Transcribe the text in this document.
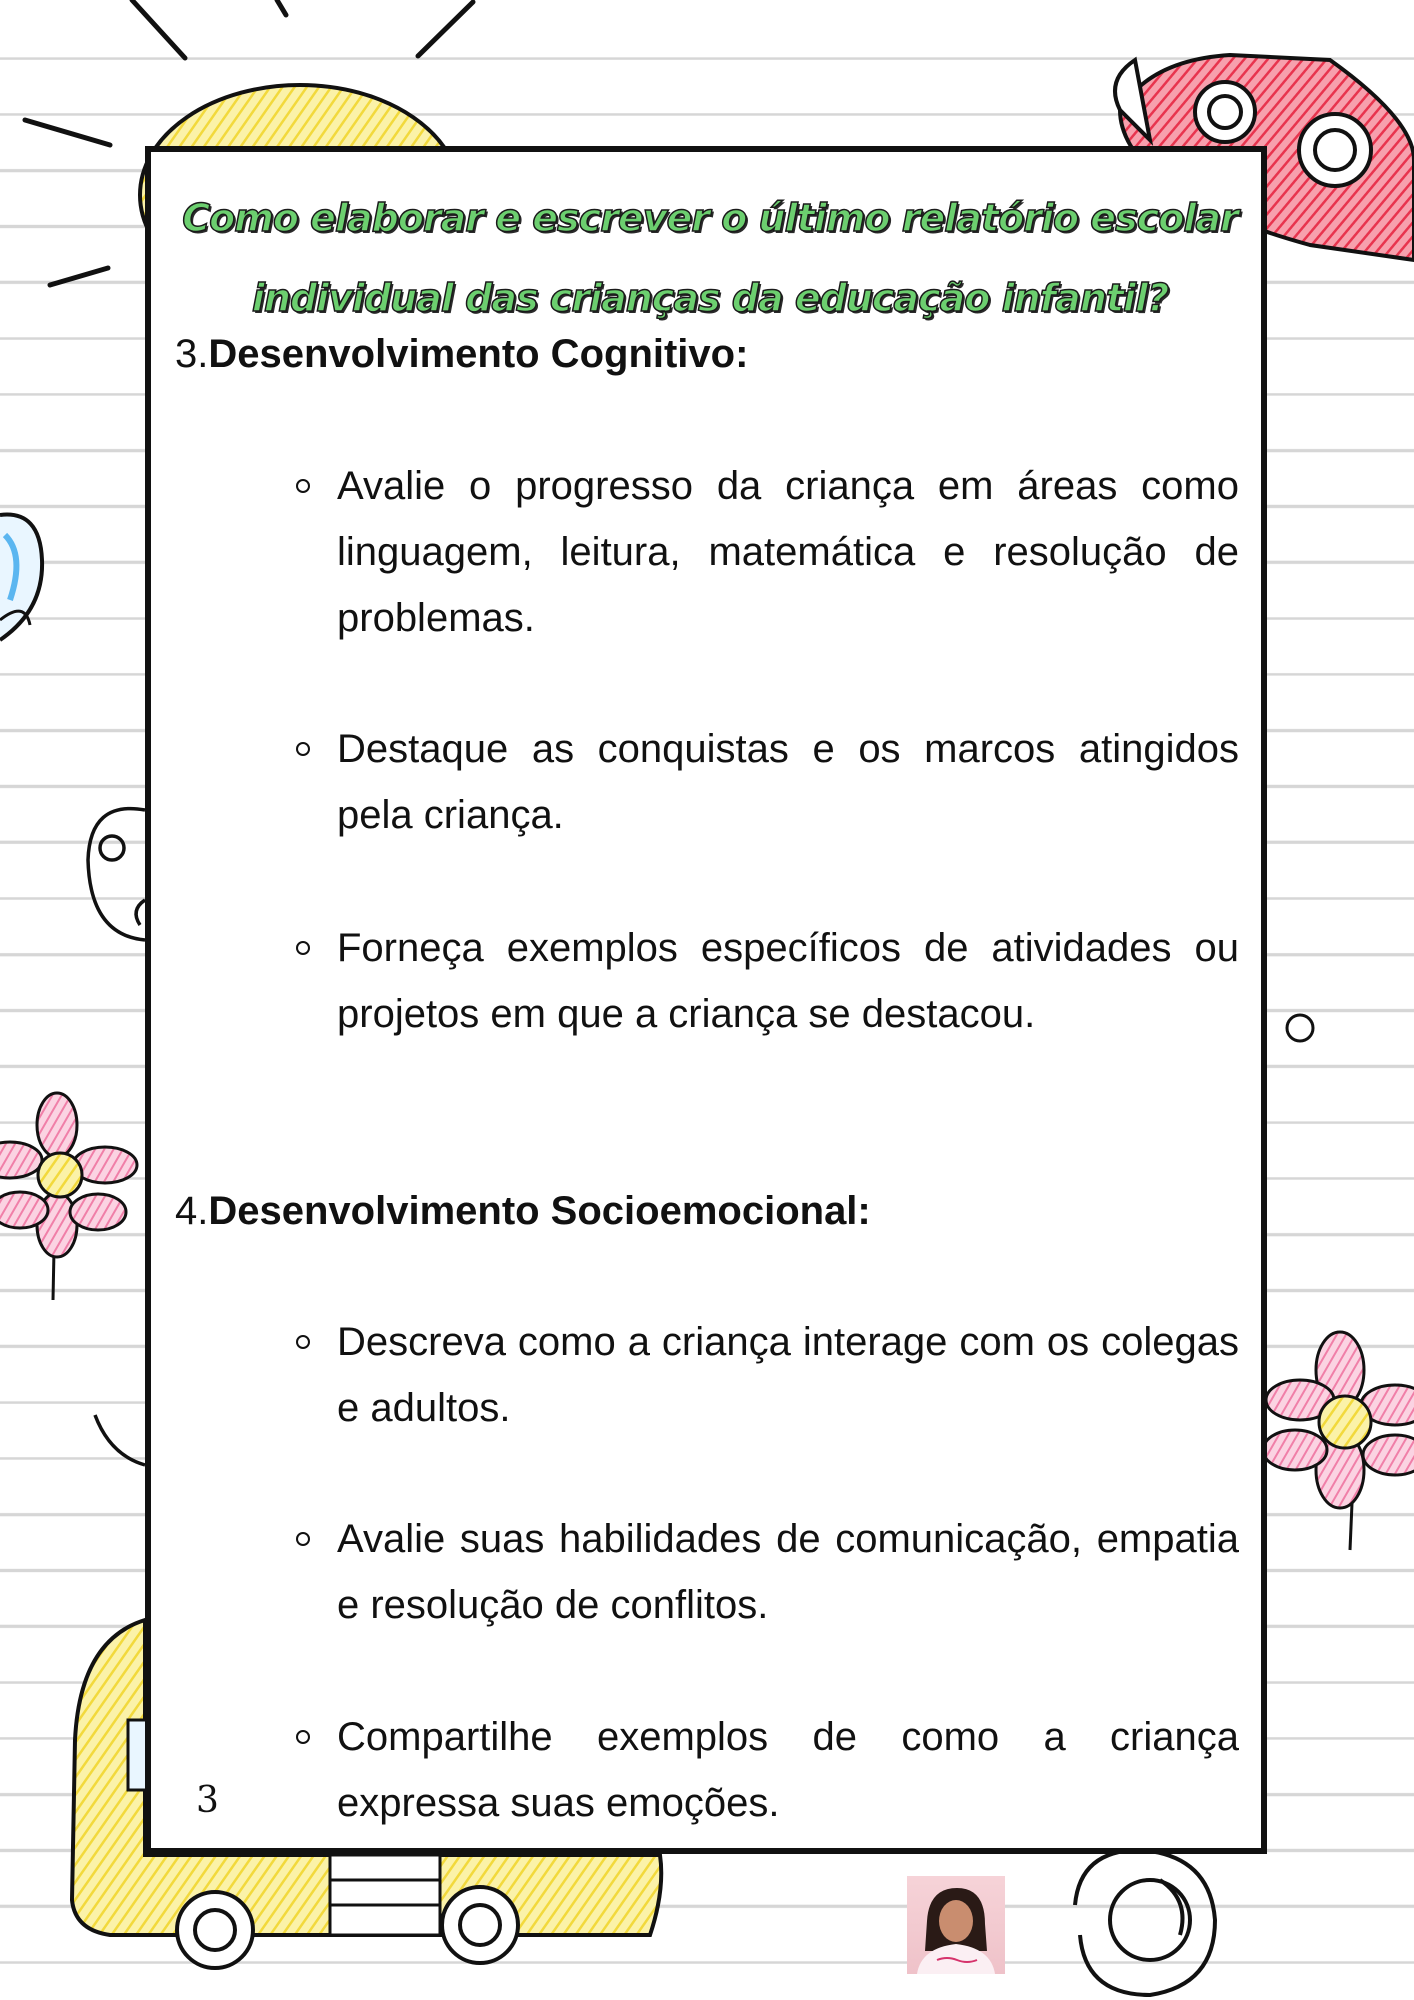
Como elaborar e escrever o último relatório escolar
individual das crianças da educação infantil?
3.Desenvolvimento Cognitivo:

Avalie o progresso da criança em áreas como linguagem, leitura, matemática e resolução de problemas.

Destaque as conquistas e os marcos atingidos pela criança.

Forneça exemplos específicos de atividades ou projetos em que a criança se destacou.

4.Desenvolvimento Socioemocional:

Descreva como a criança interage com os colegas e adultos.

Avalie suas habilidades de comunicação, empatia e resolução de conflitos.

Compartilhe exemplos de como a criança expressa suas emoções.

3
